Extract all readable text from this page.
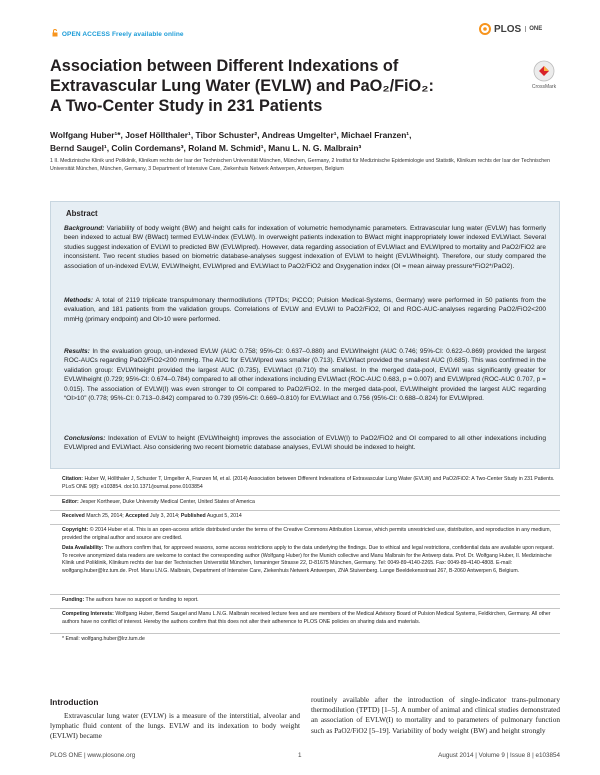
OPEN ACCESS Freely available online	PLOS	ONE
Association between Different Indexations of
Extravascular Lung Water (EVLW) and PaO₂/FiO₂:
A Two-Center Study in 231 Patients
CrossMark
Wolfgang Huber¹*, Josef Höllthaler¹, Tibor Schuster², Andreas Umgelter¹, Michael Franzen¹,
Bernd Saugel¹, Colin Cordemans³, Roland M. Schmid¹, Manu L. N. G. Malbrain³
1 II. Medizinische Klinik und Poliklinik, Klinikum rechts der Isar der Technischen Universität München, München, Germany, 2 Institut für Medizinische Epidemiologie und Statistik, Klinikum rechts der Isar der Technischen Universität München, München, Germany, 3 Department of Intensive Care, Ziekenhuis Netwerk Antwerpen, Antwerpen, Belgium
Abstract
Background: Variability of body weight (BW) and height calls for indexation of volumetric hemodynamic parameters. Extravascular lung water (EVLW) has formerly been indexed to actual BW (BWact) termed EVLW-index (EVLWI). In overweight patients indexation to BWact might inappropriately lower indexed EVLWIact. Several studies suggest indexation of EVLWI to predicted BW (EVLWIpred). However, data regarding association of EVLWIact and EVLWIpred to mortality and PaO2/FiO2 are inconsistent. Two recent studies based on biometric database-analyses suggest indexation of EVLWI to height (EVLWIheight). Therefore, our study compared the association of un-indexed EVLW, EVLWIheight, EVLWIpred and EVLWIact to PaO2/FiO2 and Oxygenation index (OI = mean airway pressure*FiO2*/PaO2).
Methods: A total of 2119 triplicate transpulmonary thermodilutions (TPTDs; PiCCO; Pulsion Medical-Systems, Germany) were performed in 50 patients from the evaluation, and 181 patients from the validation groups. Correlations of EVLW and EVLWI to PaO2/FiO2, OI and ROC-AUC-analyses regarding PaO2/FiO2<200 mmHg (primary endpoint) and OI>10 were performed.
Results: In the evaluation group, un-indexed EVLW (AUC 0.758; 95%-CI: 0.637–0.880) and EVLWIheight (AUC 0.746; 95%-CI: 0.622–0.869) provided the largest ROC-AUCs regarding PaO2/FiO2<200 mmHg. The AUC for EVLWIpred was smaller (0.713). EVLWIact provided the smallest AUC (0.685). This was confirmed in the validation group: EVLWIheight provided the largest AUC (0.735), EVLWIact (0.710) the smallest. In the merged data-pool, EVLWI was significantly greater for EVLWIheight (0.729; 95%-CI: 0.674–0.784) compared to all other indexations including EVLWIact (ROC-AUC 0.683, p = 0.007) and EVLWIpred (ROC-AUC 0.707, p = 0.015). The association of EVLW(I) was even stronger to OI compared to PaO2/FiO2. In the merged data-pool, EVLWIheight provided the largest AUC regarding “OI>10” (0.778; 95%-CI: 0.713–0.842) compared to 0.739 (95%-CI: 0.669–0.810) for EVLWIact and 0.756 (95%-CI: 0.688–0.824) for EVLWIpred.
Conclusions: Indexation of EVLW to height (EVLWIheight) improves the association of EVLW(I) to PaO2/FiO2 and OI compared to all other indexations including EVLWIpred and EVLWIact. Also considering two recent biometric database analyses, EVLWI should be indexed to height.
Citation: Huber W, Höllthaler J, Schuster T, Umgelter A, Franzen M, et al. (2014) Association between Different Indexations of Extravascular Lung Water (EVLW) and PaO2/FiO2: A Two-Center Study in 231 Patients. PLoS ONE 9(8): e103854. doi:10.1371/journal.pone.0103854
Editor: Jesper Kortheuer, Duke University Medical Center, United States of America
Received March 25, 2014; Accepted July 3, 2014; Published August 5, 2014
Copyright: © 2014 Huber et al. This is an open-access article distributed under the terms of the Creative Commons Attribution License, which permits unrestricted use, distribution, and reproduction in any medium, provided the original author and source are credited.
Data Availability: The authors confirm that, for approved reasons, some access restrictions apply to the data underlying the findings. Due to ethical and legal restrictions, confidential data are available upon request. To receive anonymized data readers are welcome to contact the corresponding author (Wolfgang Huber) for the Munich collective and Manu Malbrain for the Antwerp data. Prof. Dr. Wolfgang Huber, II. Medizinische Klinik und Poliklinik, Klinikum rechts der Isar der Technischen Universität München, Ismaninger Strasse 22, D-81675 München, Germany. Tel: 0049-89-4140-2265. Fax: 0049-89-4140-4808. E-mail: wolfgang.huber@lrz.tum.de. Prof. Manu LN.G. Malbrain, Department of Intensive Care, Ziekenhuis Netwerk Antwerpen, ZNA Stuivenberg. Lange Beeldekensstraat 267, B-2060 Antwerpen 6, Belgium.
Funding: The authors have no support or funding to report.
Competing Interests: Wolfgang Huber, Bernd Saugel and Manu L.N.G. Malbrain received lecture fees and are members of the Medical Advisory Board of Pulsion Medical Systems, Feldkirchen, Germany. All other authors have no conflict of interest. Hereby the authors confirm that this does not alter their adherence to PLOS ONE policies on sharing data and materials.
* Email: wolfgang.huber@lrz.tum.de
Introduction
Extravascular lung water (EVLW) is a measure of the interstitial, alveolar and lymphatic fluid content of the lungs. EVLW and its indexation to body weight (EVLWI) became
routinely available after the introduction of single-indicator trans-pulmonary thermodilution (TPTD) [1–5]. A number of animal and clinical studies demonstrated an association of EVLW(I) to mortality and to parameters of pulmonary function such as PaO2/FiO2 [5–19]. Variability of body weight (BW) and height strongly
PLOS ONE | www.plosone.org	1	August 2014 | Volume 9 | Issue 8 | e103854
